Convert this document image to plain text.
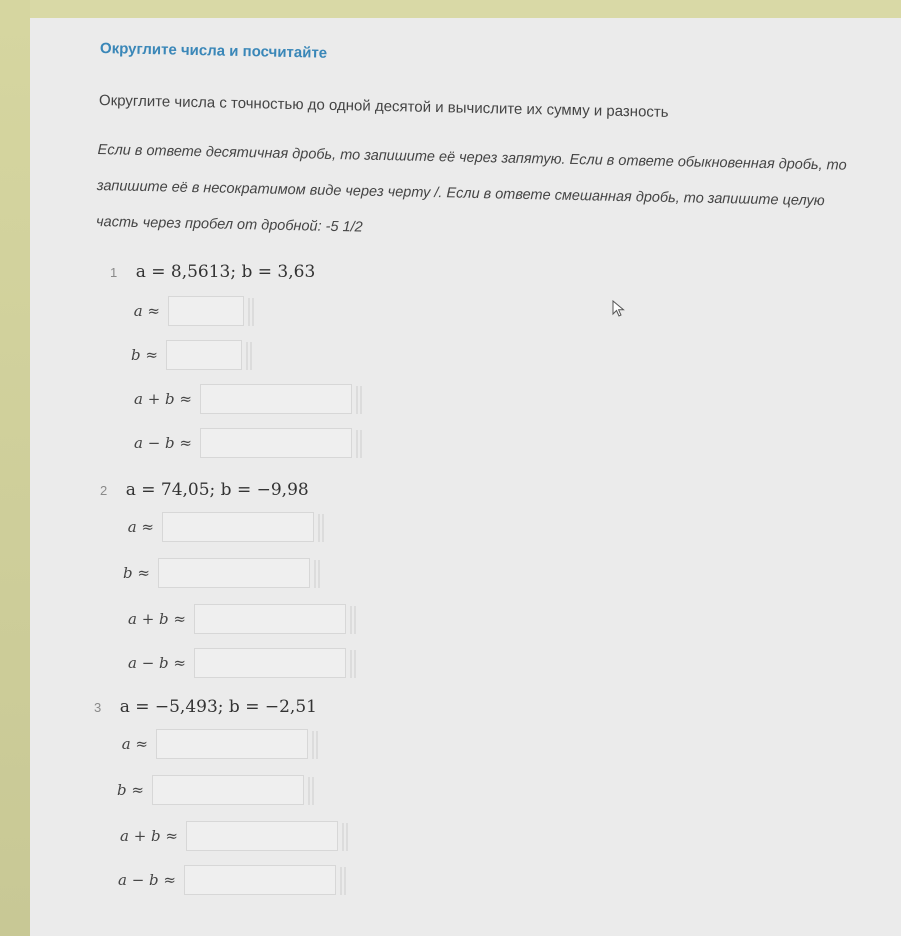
Округлите числа и посчитайте
Округлите числа с точностью до одной десятой и вычислите их сумму и разность
Если в ответе десятичная дробь, то запишите её через запятую. Если в ответе обыкновенная дробь, то запишите её в несократимом виде через черту /. Если в ответе смешанная дробь, то запишите целую часть через пробел от дробной: -5 1/2
1 a = 8,5613; b = 3,63
a ≈
b ≈
a + b ≈
a − b ≈
2 a = 74,05; b = −9,98
a ≈
b ≈
a + b ≈
a − b ≈
3 a = −5,493; b = −2,51
a ≈
b ≈
a + b ≈
a − b ≈
